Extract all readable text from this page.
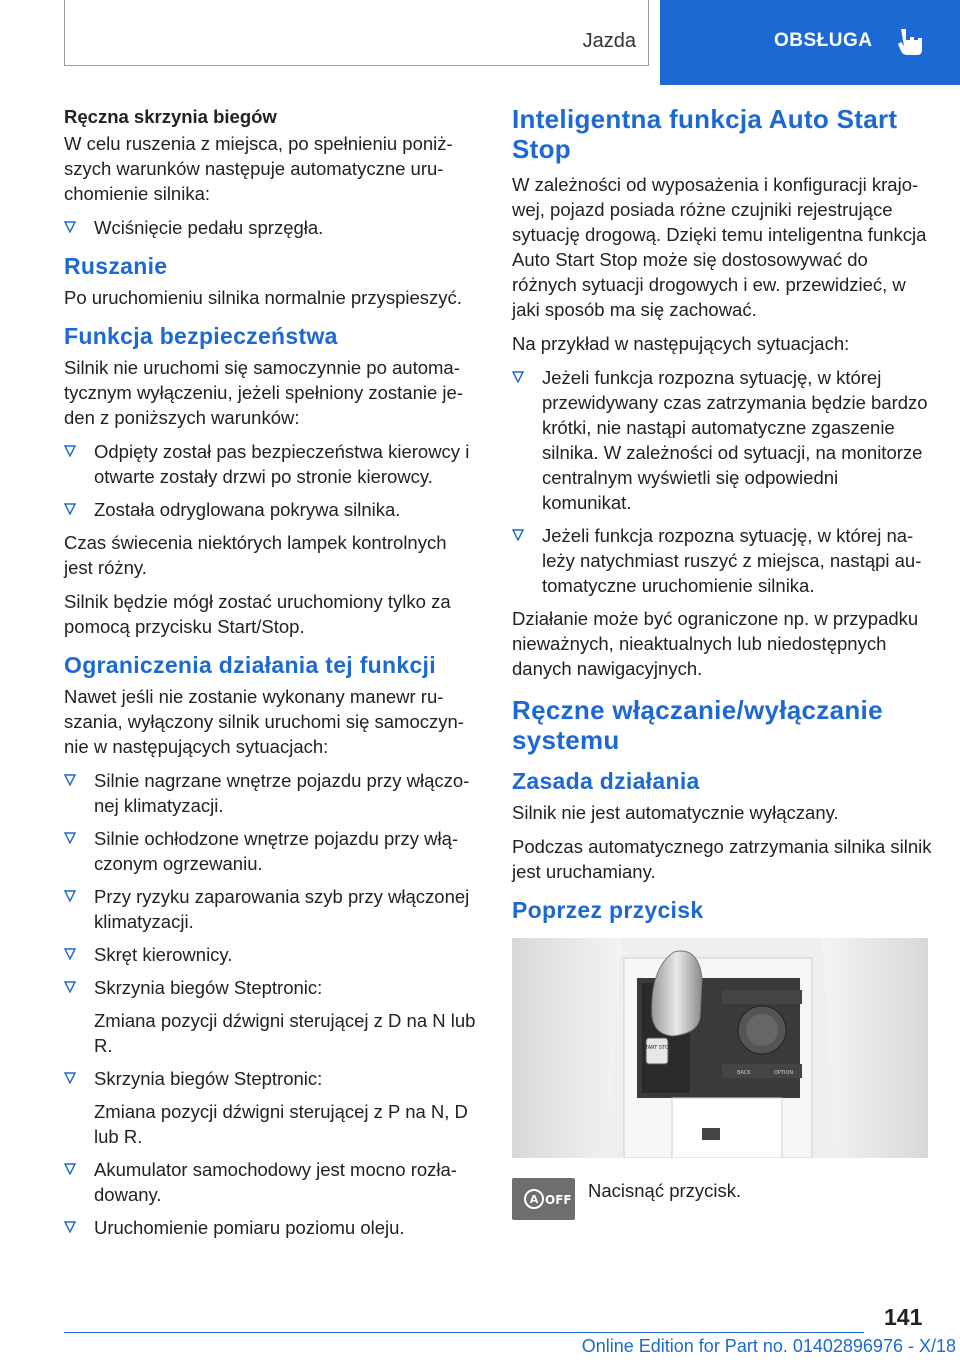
Jazda	OBSŁUGA
Ręczna skrzynia biegów
W celu ruszenia z miejsca, po spełnieniu poniższych warunków następuje automatyczne uruchomienie silnika:
Wciśnięcie pedału sprzęgła.
Ruszanie
Po uruchomieniu silnika normalnie przyspieszyć.
Funkcja bezpieczeństwa
Silnik nie uruchomi się samoczynnie po automatycznym wyłączeniu, jeżeli spełniony zostanie jeden z poniższych warunków:
Odpięty został pas bezpieczeństwa kierowcy i otwarte zostały drzwi po stronie kierowcy.
Została odryglowana pokrywa silnika.
Czas świecenia niektórych lampek kontrolnych jest różny.
Silnik będzie mógł zostać uruchomiony tylko za pomocą przycisku Start/Stop.
Ograniczenia działania tej funkcji
Nawet jeśli nie zostanie wykonany manewr ruszania, wyłączony silnik uruchomi się samoczynnie w następujących sytuacjach:
Silnie nagrzane wnętrze pojazdu przy włączonej klimatyzacji.
Silnie ochłodzone wnętrze pojazdu przy włączonym ogrzewaniu.
Przy ryzyku zaparowania szyb przy włączonej klimatyzacji.
Skręt kierownicy.
Skrzynia biegów Steptronic:
Zmiana pozycji dźwigni sterującej z D na N lub R.
Skrzynia biegów Steptronic:
Zmiana pozycji dźwigni sterującej z P na N, D lub R.
Akumulator samochodowy jest mocno rozładowany.
Uruchomienie pomiaru poziomu oleju.
Inteligentna funkcja Auto Start Stop
W zależności od wyposażenia i konfiguracji krajowej, pojazd posiada różne czujniki rejestrujące sytuację drogową. Dzięki temu inteligentna funkcja Auto Start Stop może się dostosowywać do różnych sytuacji drogowych i ew. przewidzieć, w jaki sposób ma się zachować.
Na przykład w następujących sytuacjach:
Jeżeli funkcja rozpozna sytuację, w której przewidywany czas zatrzymania będzie bardzo krótki, nie nastąpi automatyczne zgaszenie silnika. W zależności od sytuacji, na monitorze centralnym wyświetli się odpowiedni komunikat.
Jeżeli funkcja rozpozna sytuację, w której należy natychmiast ruszyć z miejsca, nastąpi automatyczne uruchomienie silnika.
Działanie może być ograniczone np. w przypadku nieważnych, nieaktualnych lub niedostępnych danych nawigacyjnych.
Ręczne włączanie/wyłączanie systemu
Zasada działania
Silnik nie jest automatycznie wyłączany.
Podczas automatycznego zatrzymania silnika silnik jest uruchamiany.
Poprzez przycisk
START STOP
BACK	OPTION
A OFF Nacisnąć przycisk.
141
Online Edition for Part no. 01402896976 - X/18
